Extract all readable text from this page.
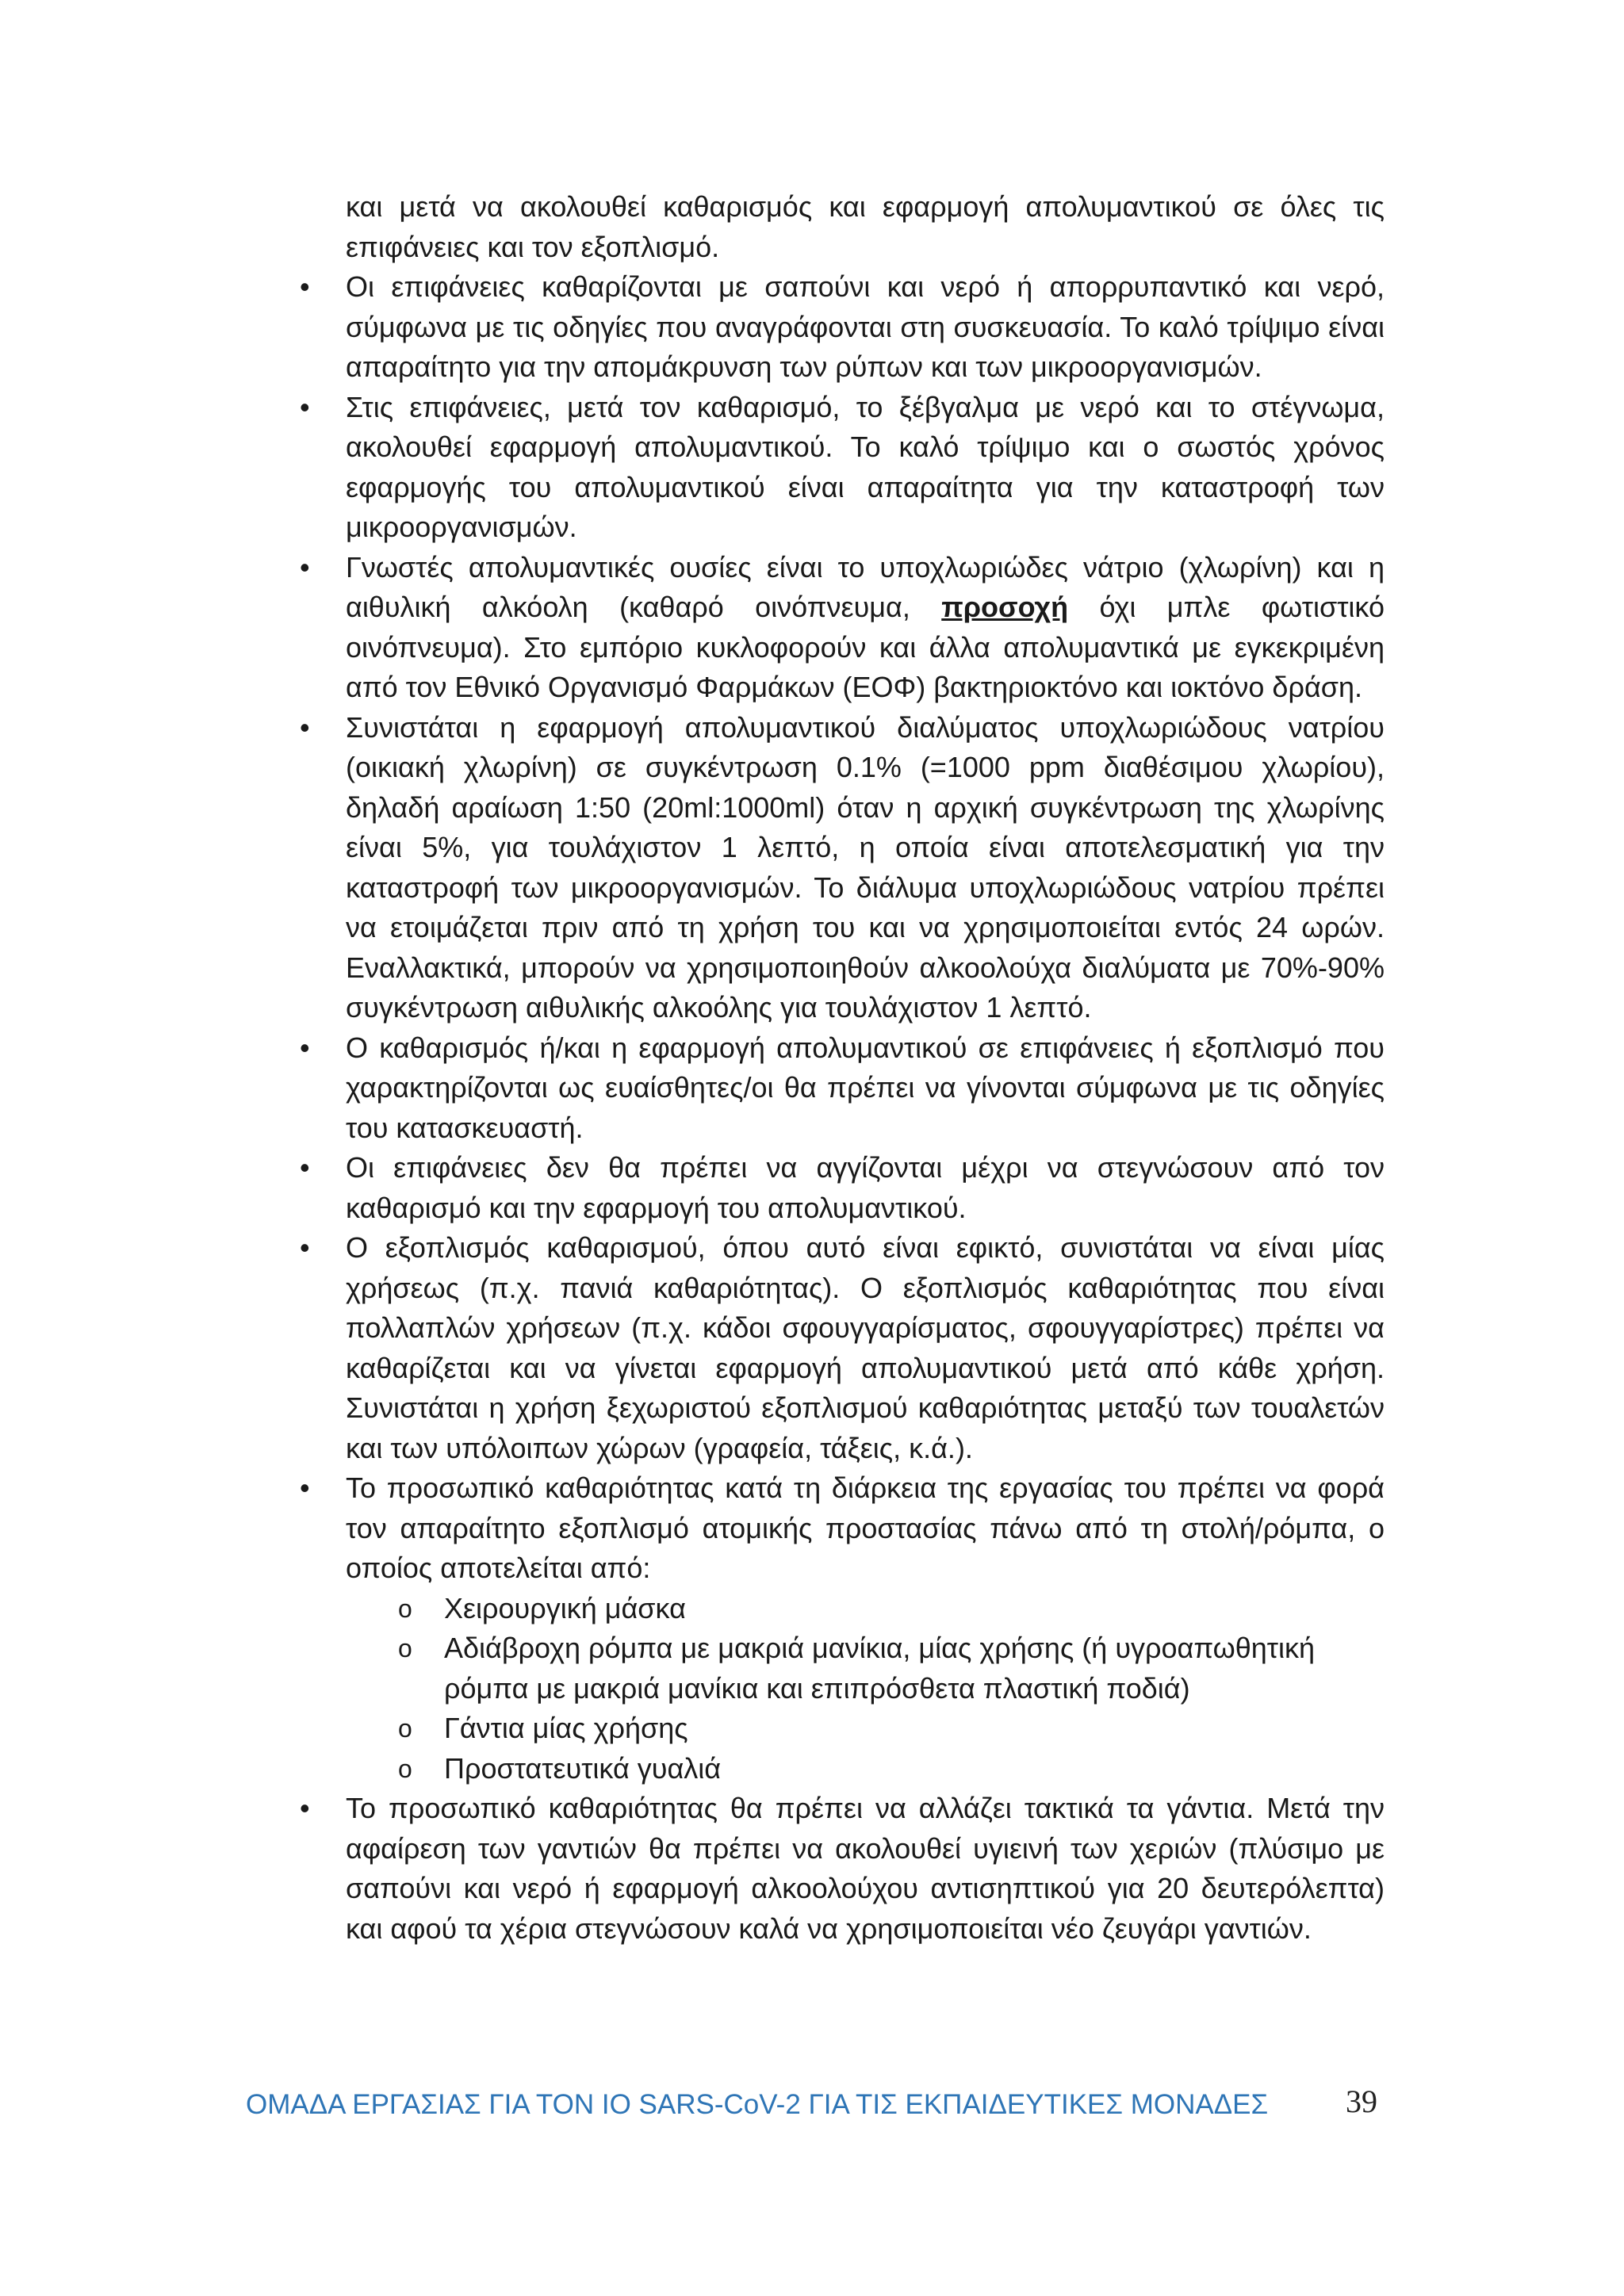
και μετά να ακολουθεί καθαρισμός και εφαρμογή απολυμαντικού σε όλες τις επιφάνειες και τον εξοπλισμό.

• Οι επιφάνειες καθαρίζονται με σαπούνι και νερό ή απορρυπαντικό και νερό, σύμφωνα με τις οδηγίες που αναγράφονται στη συσκευασία. Το καλό τρίψιμο είναι απαραίτητο για την απομάκρυνση των ρύπων και των μικροοργανισμών.
• Στις επιφάνειες, μετά τον καθαρισμό, το ξέβγαλμα με νερό και το στέγνωμα, ακολουθεί εφαρμογή απολυμαντικού. Το καλό τρίψιμο και ο σωστός χρόνος εφαρμογής του απολυμαντικού είναι απαραίτητα για την καταστροφή των μικροοργανισμών.
• Γνωστές απολυμαντικές ουσίες είναι το υποχλωριώδες νάτριο (χλωρίνη) και η αιθυλική αλκόολη (καθαρό οινόπνευμα, προσοχή όχι μπλε φωτιστικό οινόπνευμα). Στο εμπόριο κυκλοφορούν και άλλα απολυμαντικά με εγκεκριμένη από τον Εθνικό Οργανισμό Φαρμάκων (ΕΟΦ) βακτηριοκτόνο και ιοκτόνο δράση.
• Συνιστάται η εφαρμογή απολυμαντικού διαλύματος υποχλωριώδους νατρίου (οικιακή χλωρίνη) σε συγκέντρωση 0.1% (=1000 ppm διαθέσιμου χλωρίου), δηλαδή αραίωση 1:50 (20ml:1000ml) όταν η αρχική συγκέντρωση της χλωρίνης είναι 5%, για τουλάχιστον 1 λεπτό, η οποία είναι αποτελεσματική για την καταστροφή των μικροοργανισμών. Το διάλυμα υποχλωριώδους νατρίου πρέπει να ετοιμάζεται πριν από τη χρήση του και να χρησιμοποιείται εντός 24 ωρών. Εναλλακτικά, μπορούν να χρησιμοποιηθούν αλκοολούχα διαλύματα με 70%-90% συγκέντρωση αιθυλικής αλκοόλης για τουλάχιστον 1 λεπτό.
• Ο καθαρισμός ή/και η εφαρμογή απολυμαντικού σε επιφάνειες ή εξοπλισμό που χαρακτηρίζονται ως ευαίσθητες/οι θα πρέπει να γίνονται σύμφωνα με τις οδηγίες του κατασκευαστή.
• Οι επιφάνειες δεν θα πρέπει να αγγίζονται μέχρι να στεγνώσουν από τον καθαρισμό και την εφαρμογή του απολυμαντικού.
• Ο εξοπλισμός καθαρισμού, όπου αυτό είναι εφικτό, συνιστάται να είναι μίας χρήσεως (π.χ. πανιά καθαριότητας). Ο εξοπλισμός καθαριότητας που είναι πολλαπλών χρήσεων (π.χ. κάδοι σφουγγαρίσματος, σφουγγαρίστρες) πρέπει να καθαρίζεται και να γίνεται εφαρμογή απολυμαντικού μετά από κάθε χρήση. Συνιστάται η χρήση ξεχωριστού εξοπλισμού καθαριότητας μεταξύ των τουαλετών και των υπόλοιπων χώρων (γραφεία, τάξεις, κ.ά.).
• Το προσωπικό καθαριότητας κατά τη διάρκεια της εργασίας του πρέπει να φορά τον απαραίτητο εξοπλισμό ατομικής προστασίας πάνω από τη στολή/ρόμπα, ο οποίος αποτελείται από:
o Χειρουργική μάσκα
o Αδιάβροχη ρόμπα με μακριά μανίκια, μίας χρήσης (ή υγροαπωθητική ρόμπα με μακριά μανίκια και επιπρόσθετα πλαστική ποδιά)
o Γάντια μίας χρήσης
o Προστατευτικά γυαλιά
• Το προσωπικό καθαριότητας θα πρέπει να αλλάζει τακτικά τα γάντια. Μετά την αφαίρεση των γαντιών θα πρέπει να ακολουθεί υγιεινή των χεριών (πλύσιμο με σαπούνι και νερό ή εφαρμογή αλκοολούχου αντισηπτικού για 20 δευτερόλεπτα) και αφού τα χέρια στεγνώσουν καλά να χρησιμοποιείται νέο ζευγάρι γαντιών.
ΟΜΑΔΑ ΕΡΓΑΣΙΑΣ ΓΙΑ ΤΟΝ ΙΟ SARS-CoV-2 ΓΙΑ ΤΙΣ ΕΚΠΑΙΔΕΥΤΙΚΕΣ ΜΟΝΑΔΕΣ 39
